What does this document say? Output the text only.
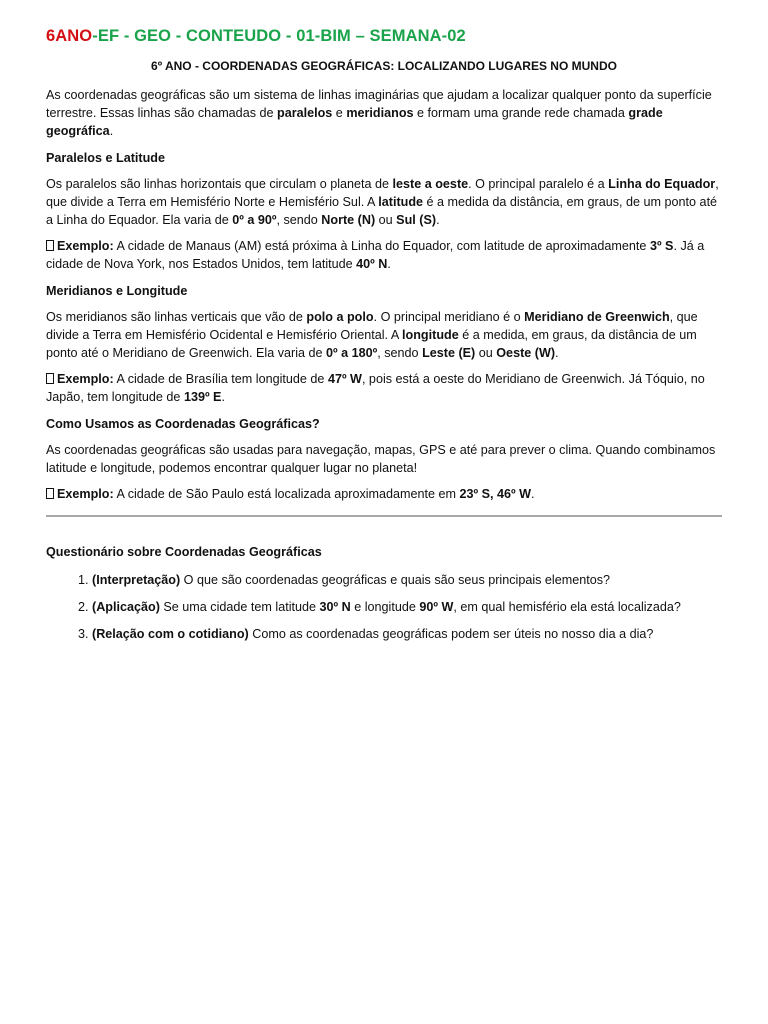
6ANO-EF - GEO - CONTEUDO - 01-BIM – SEMANA-02
6º ANO - COORDENADAS GEOGRÁFICAS: LOCALIZANDO LUGARES NO MUNDO

As coordenadas geográficas são um sistema de linhas imaginárias que ajudam a localizar qualquer ponto da superfície terrestre. Essas linhas são chamadas de paralelos e meridianos e formam uma grande rede chamada grade geográfica.

Paralelos e Latitude

Os paralelos são linhas horizontais que circulam o planeta de leste a oeste. O principal paralelo é a Linha do Equador, que divide a Terra em Hemisfério Norte e Hemisfério Sul. A latitude é a medida da distância, em graus, de um ponto até a Linha do Equador. Ela varia de 0º a 90º, sendo Norte (N) ou Sul (S).

Exemplo: A cidade de Manaus (AM) está próxima à Linha do Equador, com latitude de aproximadamente 3º S. Já a cidade de Nova York, nos Estados Unidos, tem latitude 40º N.

Meridianos e Longitude

Os meridianos são linhas verticais que vão de polo a polo. O principal meridiano é o Meridiano de Greenwich, que divide a Terra em Hemisfério Ocidental e Hemisfério Oriental. A longitude é a medida, em graus, da distância de um ponto até o Meridiano de Greenwich. Ela varia de 0º a 180º, sendo Leste (E) ou Oeste (W).

Exemplo: A cidade de Brasília tem longitude de 47º W, pois está a oeste do Meridiano de Greenwich. Já Tóquio, no Japão, tem longitude de 139º E.

Como Usamos as Coordenadas Geográficas?

As coordenadas geográficas são usadas para navegação, mapas, GPS e até para prever o clima. Quando combinamos latitude e longitude, podemos encontrar qualquer lugar no planeta!

Exemplo: A cidade de São Paulo está localizada aproximadamente em 23º S, 46º W.

Questionário sobre Coordenadas Geográficas
1. (Interpretação) O que são coordenadas geográficas e quais são seus principais elementos?
2. (Aplicação) Se uma cidade tem latitude 30º N e longitude 90º W, em qual hemisfério ela está localizada?
3. (Relação com o cotidiano) Como as coordenadas geográficas podem ser úteis no nosso dia a dia?
